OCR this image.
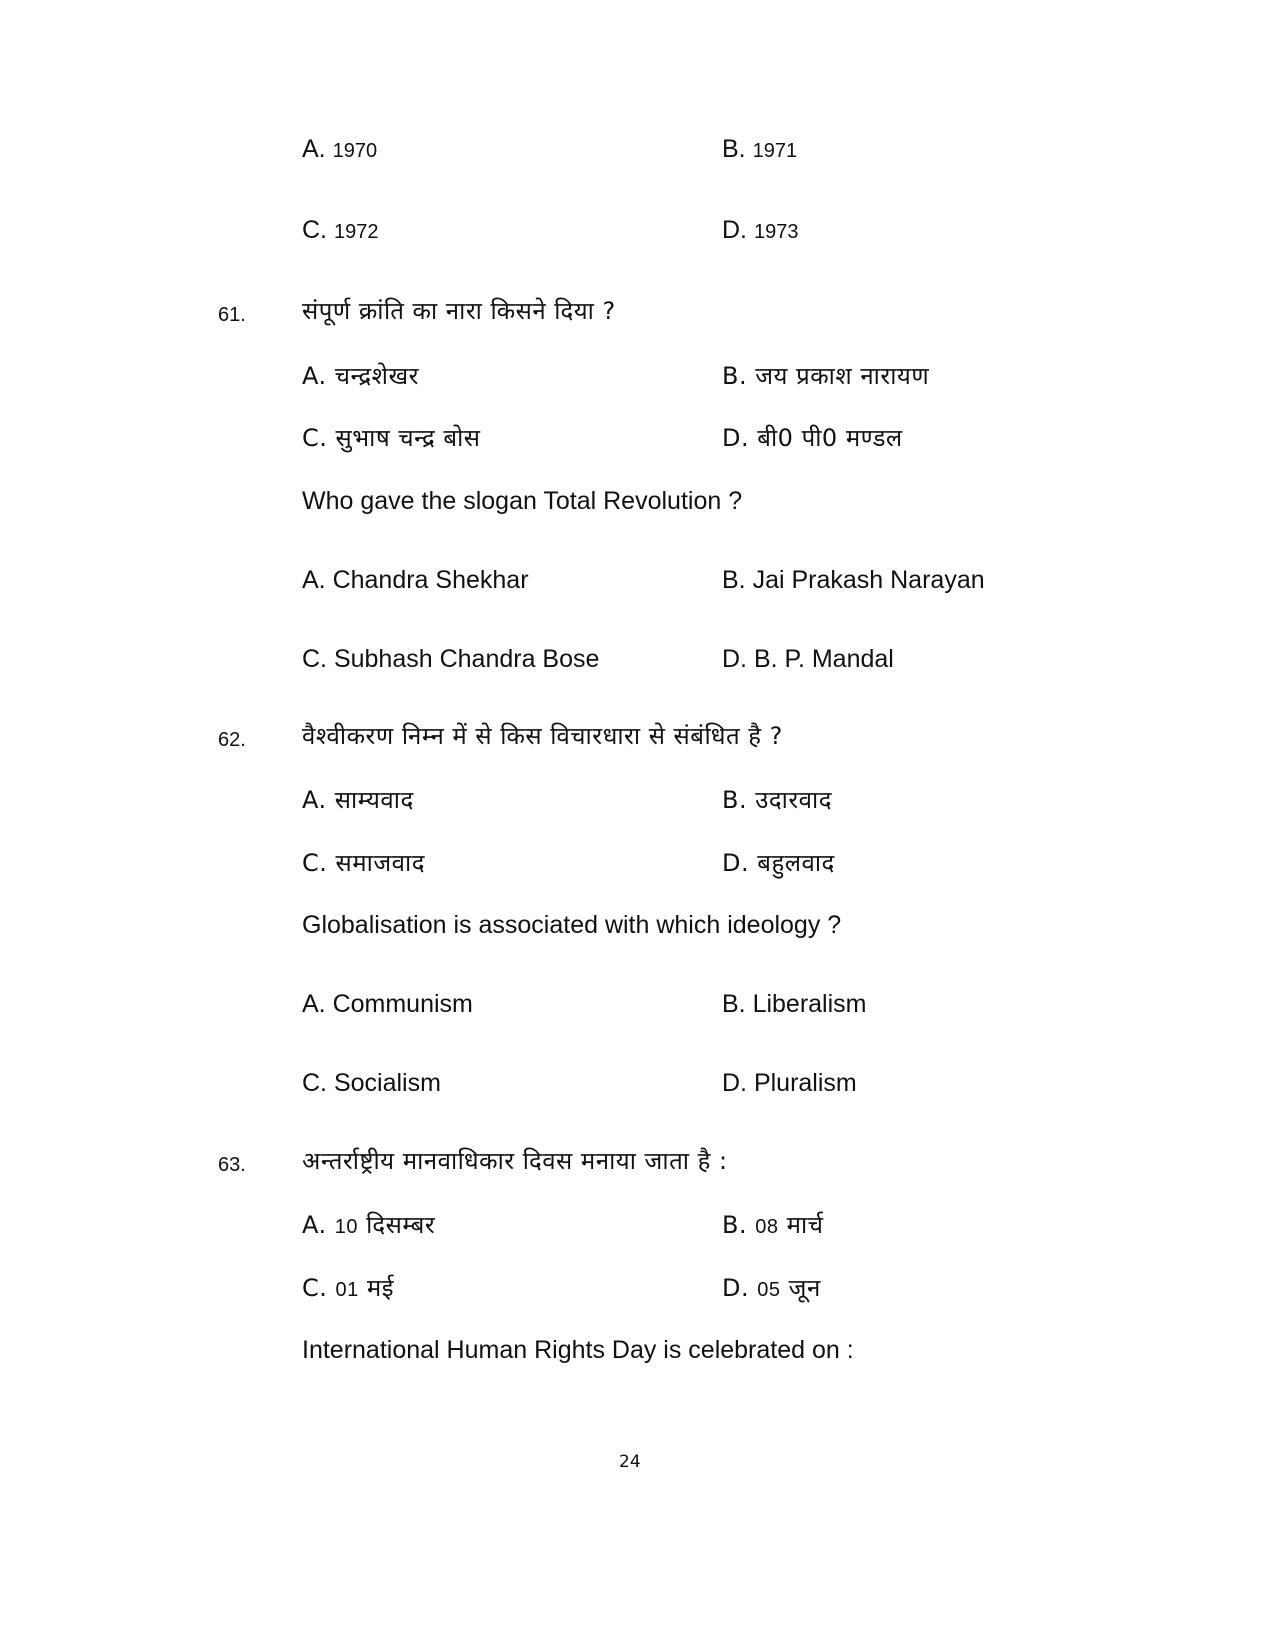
A. 1970	B. 1971
C. 1972	D. 1973
61. संपूर्ण क्रांति का नारा किसने दिया ?
A. चन्द्रशेखर	B. जय प्रकाश नारायण
C. सुभाष चन्द्र बोस	D. बी0 पी0 मण्डल
Who gave the slogan Total Revolution ?
A. Chandra Shekhar	B. Jai Prakash Narayan
C. Subhash Chandra Bose	D. B. P. Mandal
62. वैश्वीकरण निम्न में से किस विचारधारा से संबंधित है ?
A. साम्यवाद	B. उदारवाद
C. समाजवाद	D. बहुलवाद
Globalisation is associated with which ideology ?
A. Communism	B. Liberalism
C. Socialism	D. Pluralism
63. अन्तर्राष्ट्रीय मानवाधिकार दिवस मनाया जाता है :
A. 10 दिसम्बर	B. 08 मार्च
C. 01 मई	D. 05 जून
International Human Rights Day is celebrated on :
24
